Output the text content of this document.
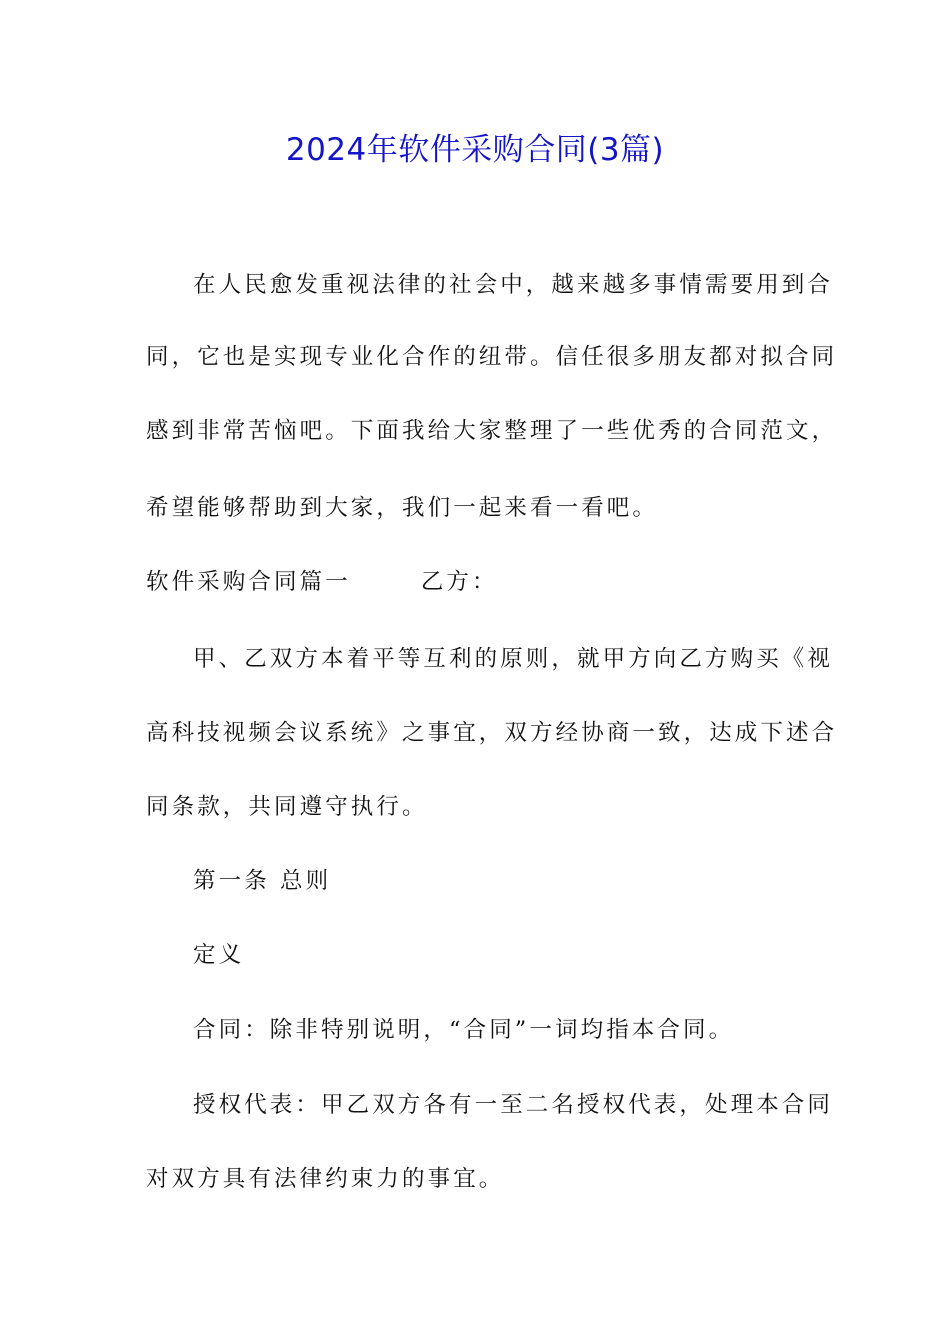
2024年软件采购合同(3篇)

在人民愈发重视法律的社会中，越来越多事情需要用到合

同，它也是实现专业化合作的纽带。信任很多朋友都对拟合同

感到非常苦恼吧。下面我给大家整理了一些优秀的合同范文，

希望能够帮助到大家，我们一起来看一看吧。

软件采购合同篇一	乙方：

甲、乙双方本着平等互利的原则，就甲方向乙方购买《视

高科技视频会议系统》之事宜，双方经协商一致，达成下述合

同条款，共同遵守执行。

第一条 总则

定义

合同：除非特别说明，“合同”一词均指本合同。

授权代表：甲乙双方各有一至二名授权代表，处理本合同

对双方具有法律约束力的事宜。
